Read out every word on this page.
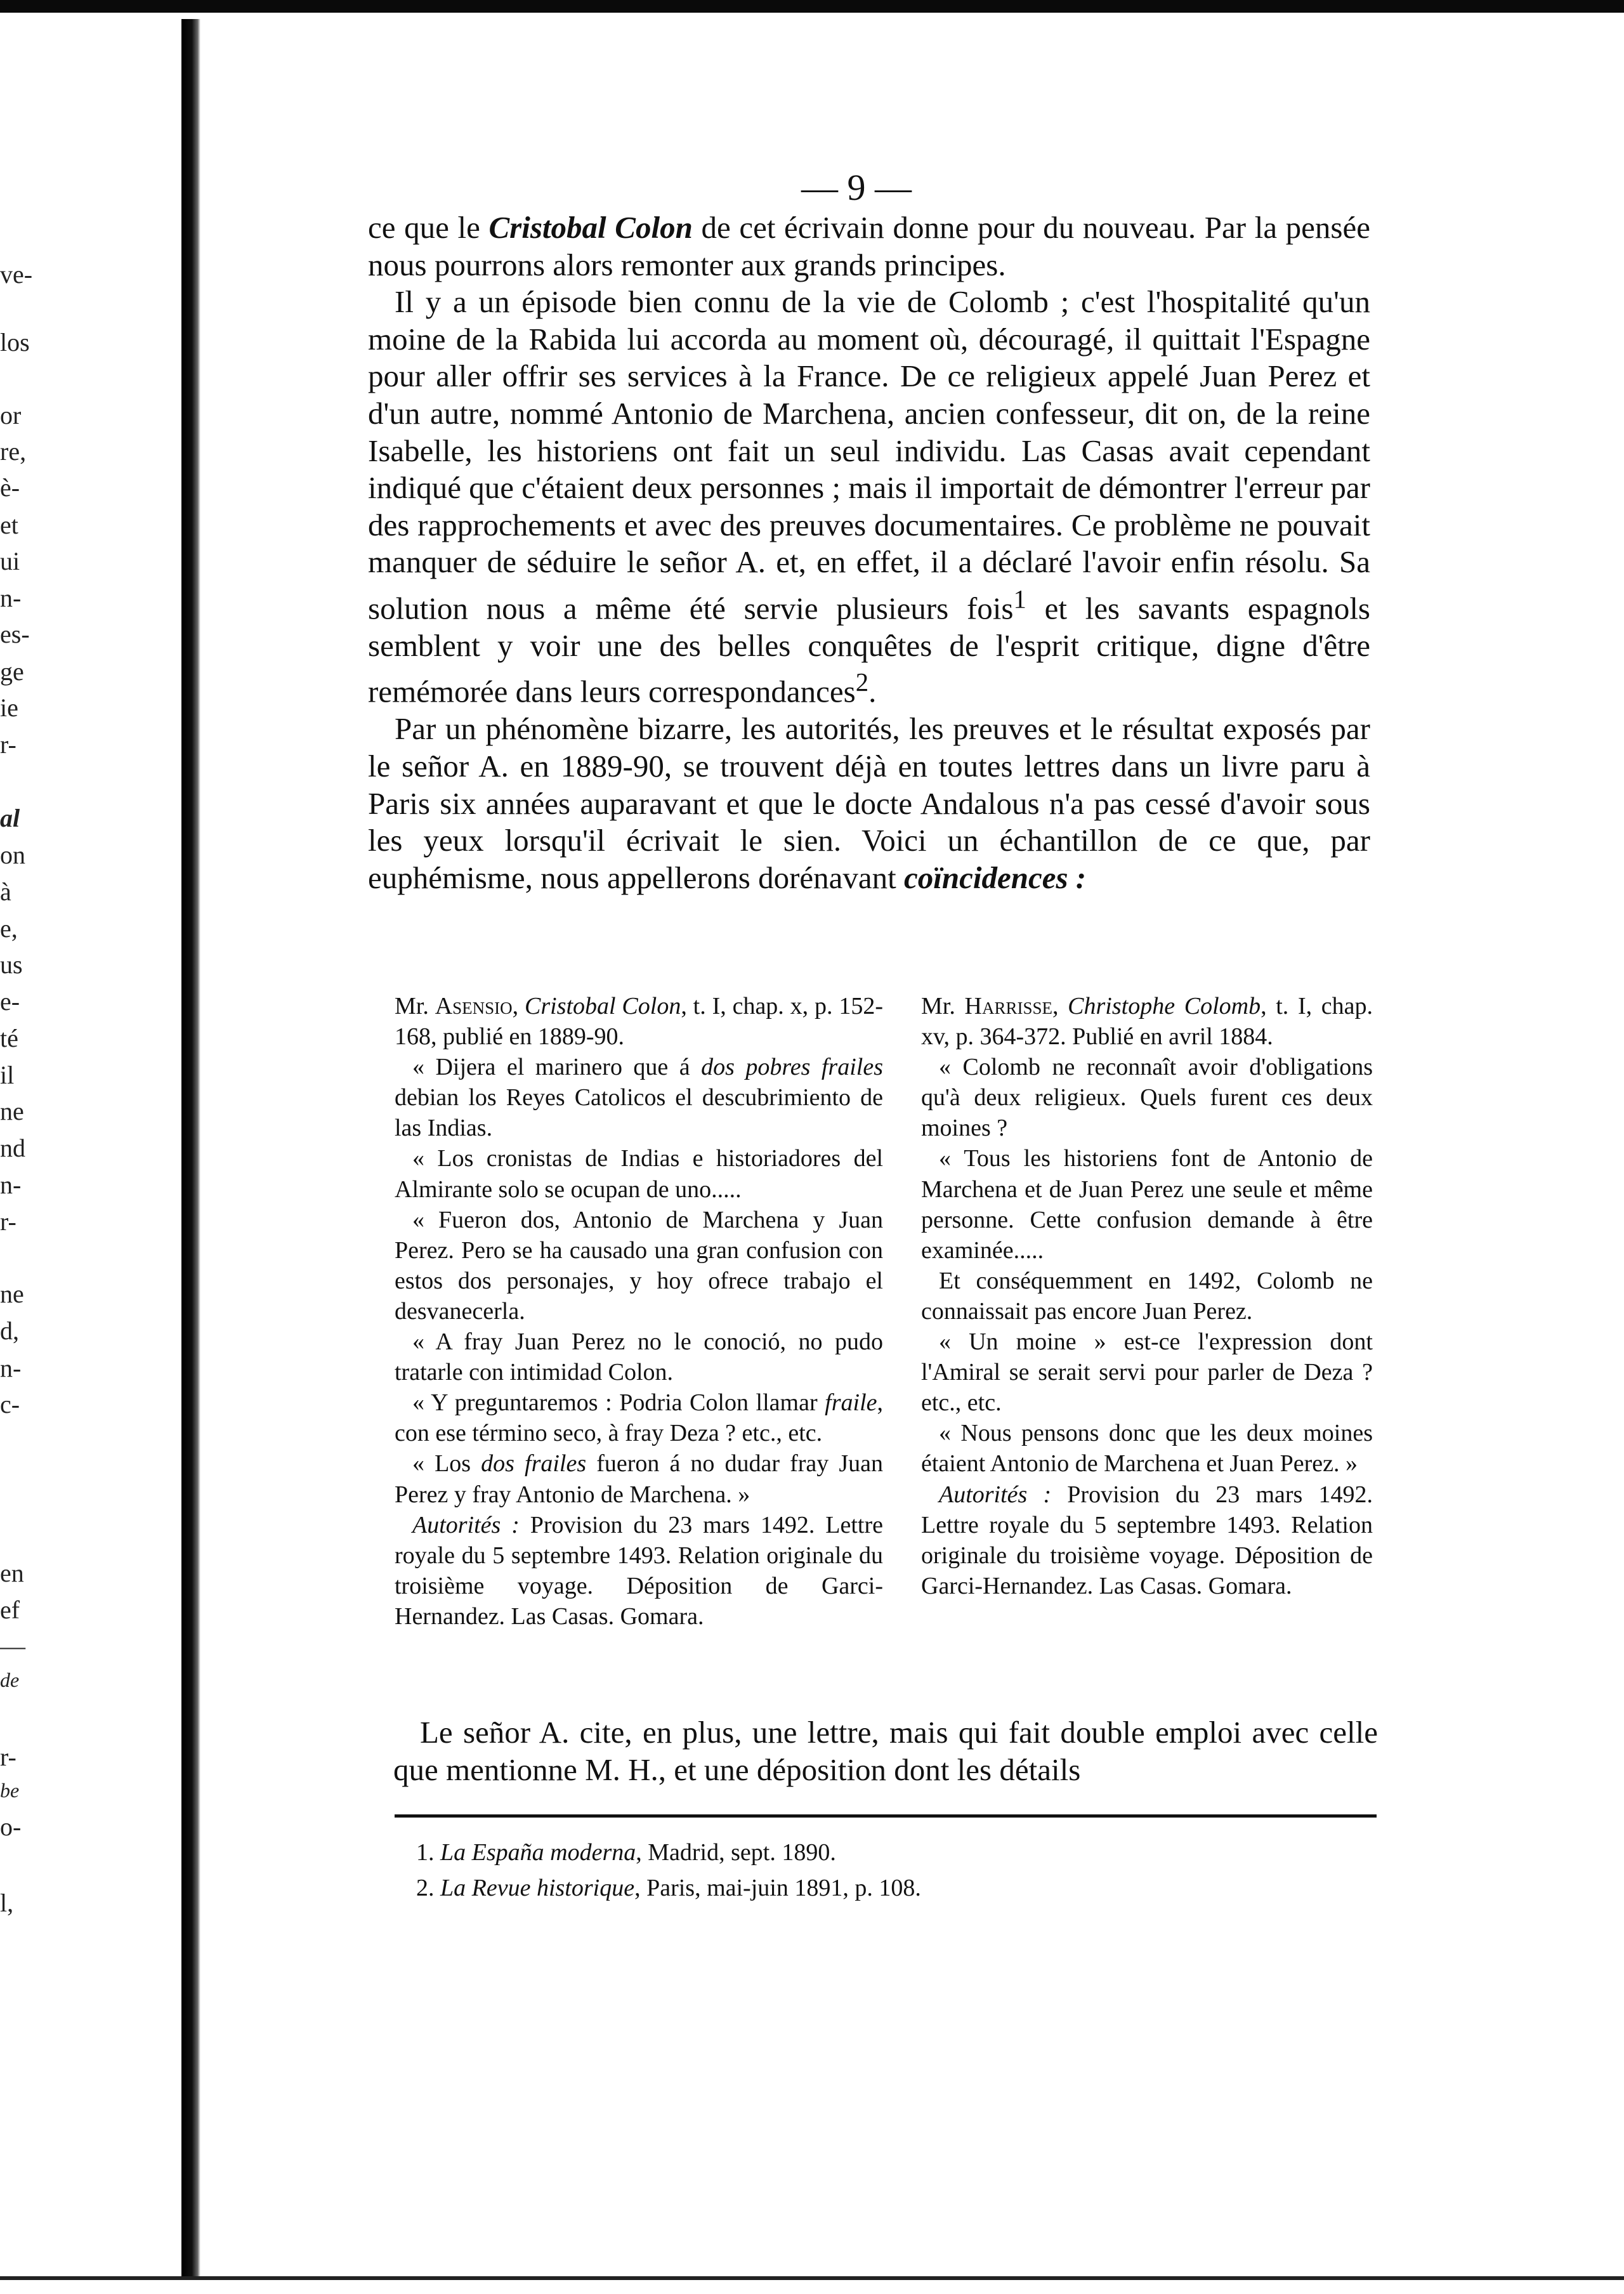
ve-
los
or
re,
è-
et
ui
n-
es-
ge
ie
r-
al
on
à
e,
us
e-
té
il
ne
nd
n-
r-
ne
d,
n-
c-
en
ef
—
de
r-
be
o-
l,
— 9 —

ce que le Cristobal Colon de cet écrivain donne pour du nouveau. Par la pensée nous pourrons alors remonter aux grands principes.

Il y a un épisode bien connu de la vie de Colomb ; c'est l'hospitalité qu'un moine de la Rabida lui accorda au moment où, découragé, il quittait l'Espagne pour aller offrir ses services à la France. De ce religieux appelé Juan Perez et d'un autre, nommé Antonio de Marchena, ancien confesseur, dit on, de la reine Isabelle, les historiens ont fait un seul individu. Las Casas avait cependant indiqué que c'étaient deux personnes ; mais il importait de démontrer l'erreur par des rapprochements et avec des preuves documentaires. Ce problème ne pouvait manquer de séduire le señor A. et, en effet, il a déclaré l'avoir enfin résolu. Sa solution nous a même été servie plusieurs fois$^1$ et les savants espagnols semblent y voir une des belles conquêtes de l'esprit critique, digne d'être remémorée dans leurs correspondances$^2$.

Par un phénomène bizarre, les autorités, les preuves et le résultat exposés par le señor A. en 1889-90, se trouvent déjà en toutes lettres dans un livre paru à Paris six années auparavant et que le docte Andalous n'a pas cessé d'avoir sous les yeux lorsqu'il écrivait le sien. Voici un échantillon de ce que, par euphémisme, nous appellerons dorénavant coïncidences :

Mr. Asensio, Cristobal Colon, t. I, chap. x, p. 152-168, publié en 1889-90.

« Dijera el marinero que á dos pobres frailes debian los Reyes Catolicos el descubrimiento de las Indias.

« Los cronistas de Indias e historiadores del Almirante solo se ocupan de uno.....

« Fueron dos, Antonio de Marchena y Juan Perez. Pero se ha causado una gran confusion con estos dos personajes, y hoy ofrece trabajo el desvanecerla.

« A fray Juan Perez no le conoció, no pudo tratarle con intimidad Colon.

« Y preguntaremos : Podria Colon llamar fraile, con ese término seco, à fray Deza ? etc., etc.

« Los dos frailes fueron á no dudar fray Juan Perez y fray Antonio de Marchena. »

Autorités : Provision du 23 mars 1492. Lettre royale du 5 septembre 1493. Relation originale du troisième voyage. Déposition de Garci-Hernandez. Las Casas. Gomara.

Mr. Harrisse, Christophe Colomb, t. I, chap. xv, p. 364-372. Publié en avril 1884.

« Colomb ne reconnaît avoir d'obligations qu'à deux religieux. Quels furent ces deux moines ?

« Tous les historiens font de Antonio de Marchena et de Juan Perez une seule et même personne. Cette confusion demande à être examinée.....

Et conséquemment en 1492, Colomb ne connaissait pas encore Juan Perez.

« Un moine » est-ce l'expression dont l'Amiral se serait servi pour parler de Deza ? etc., etc.

« Nous pensons donc que les deux moines étaient Antonio de Marchena et Juan Perez. »

Autorités : Provision du 23 mars 1492. Lettre royale du 5 septembre 1493. Relation originale du troisième voyage. Déposition de Garci-Hernandez. Las Casas. Gomara.

Le señor A. cite, en plus, une lettre, mais qui fait double emploi avec celle que mentionne M. H., et une déposition dont les détails

1. La España moderna, Madrid, sept. 1890.

2. La Revue historique, Paris, mai-juin 1891, p. 108.
